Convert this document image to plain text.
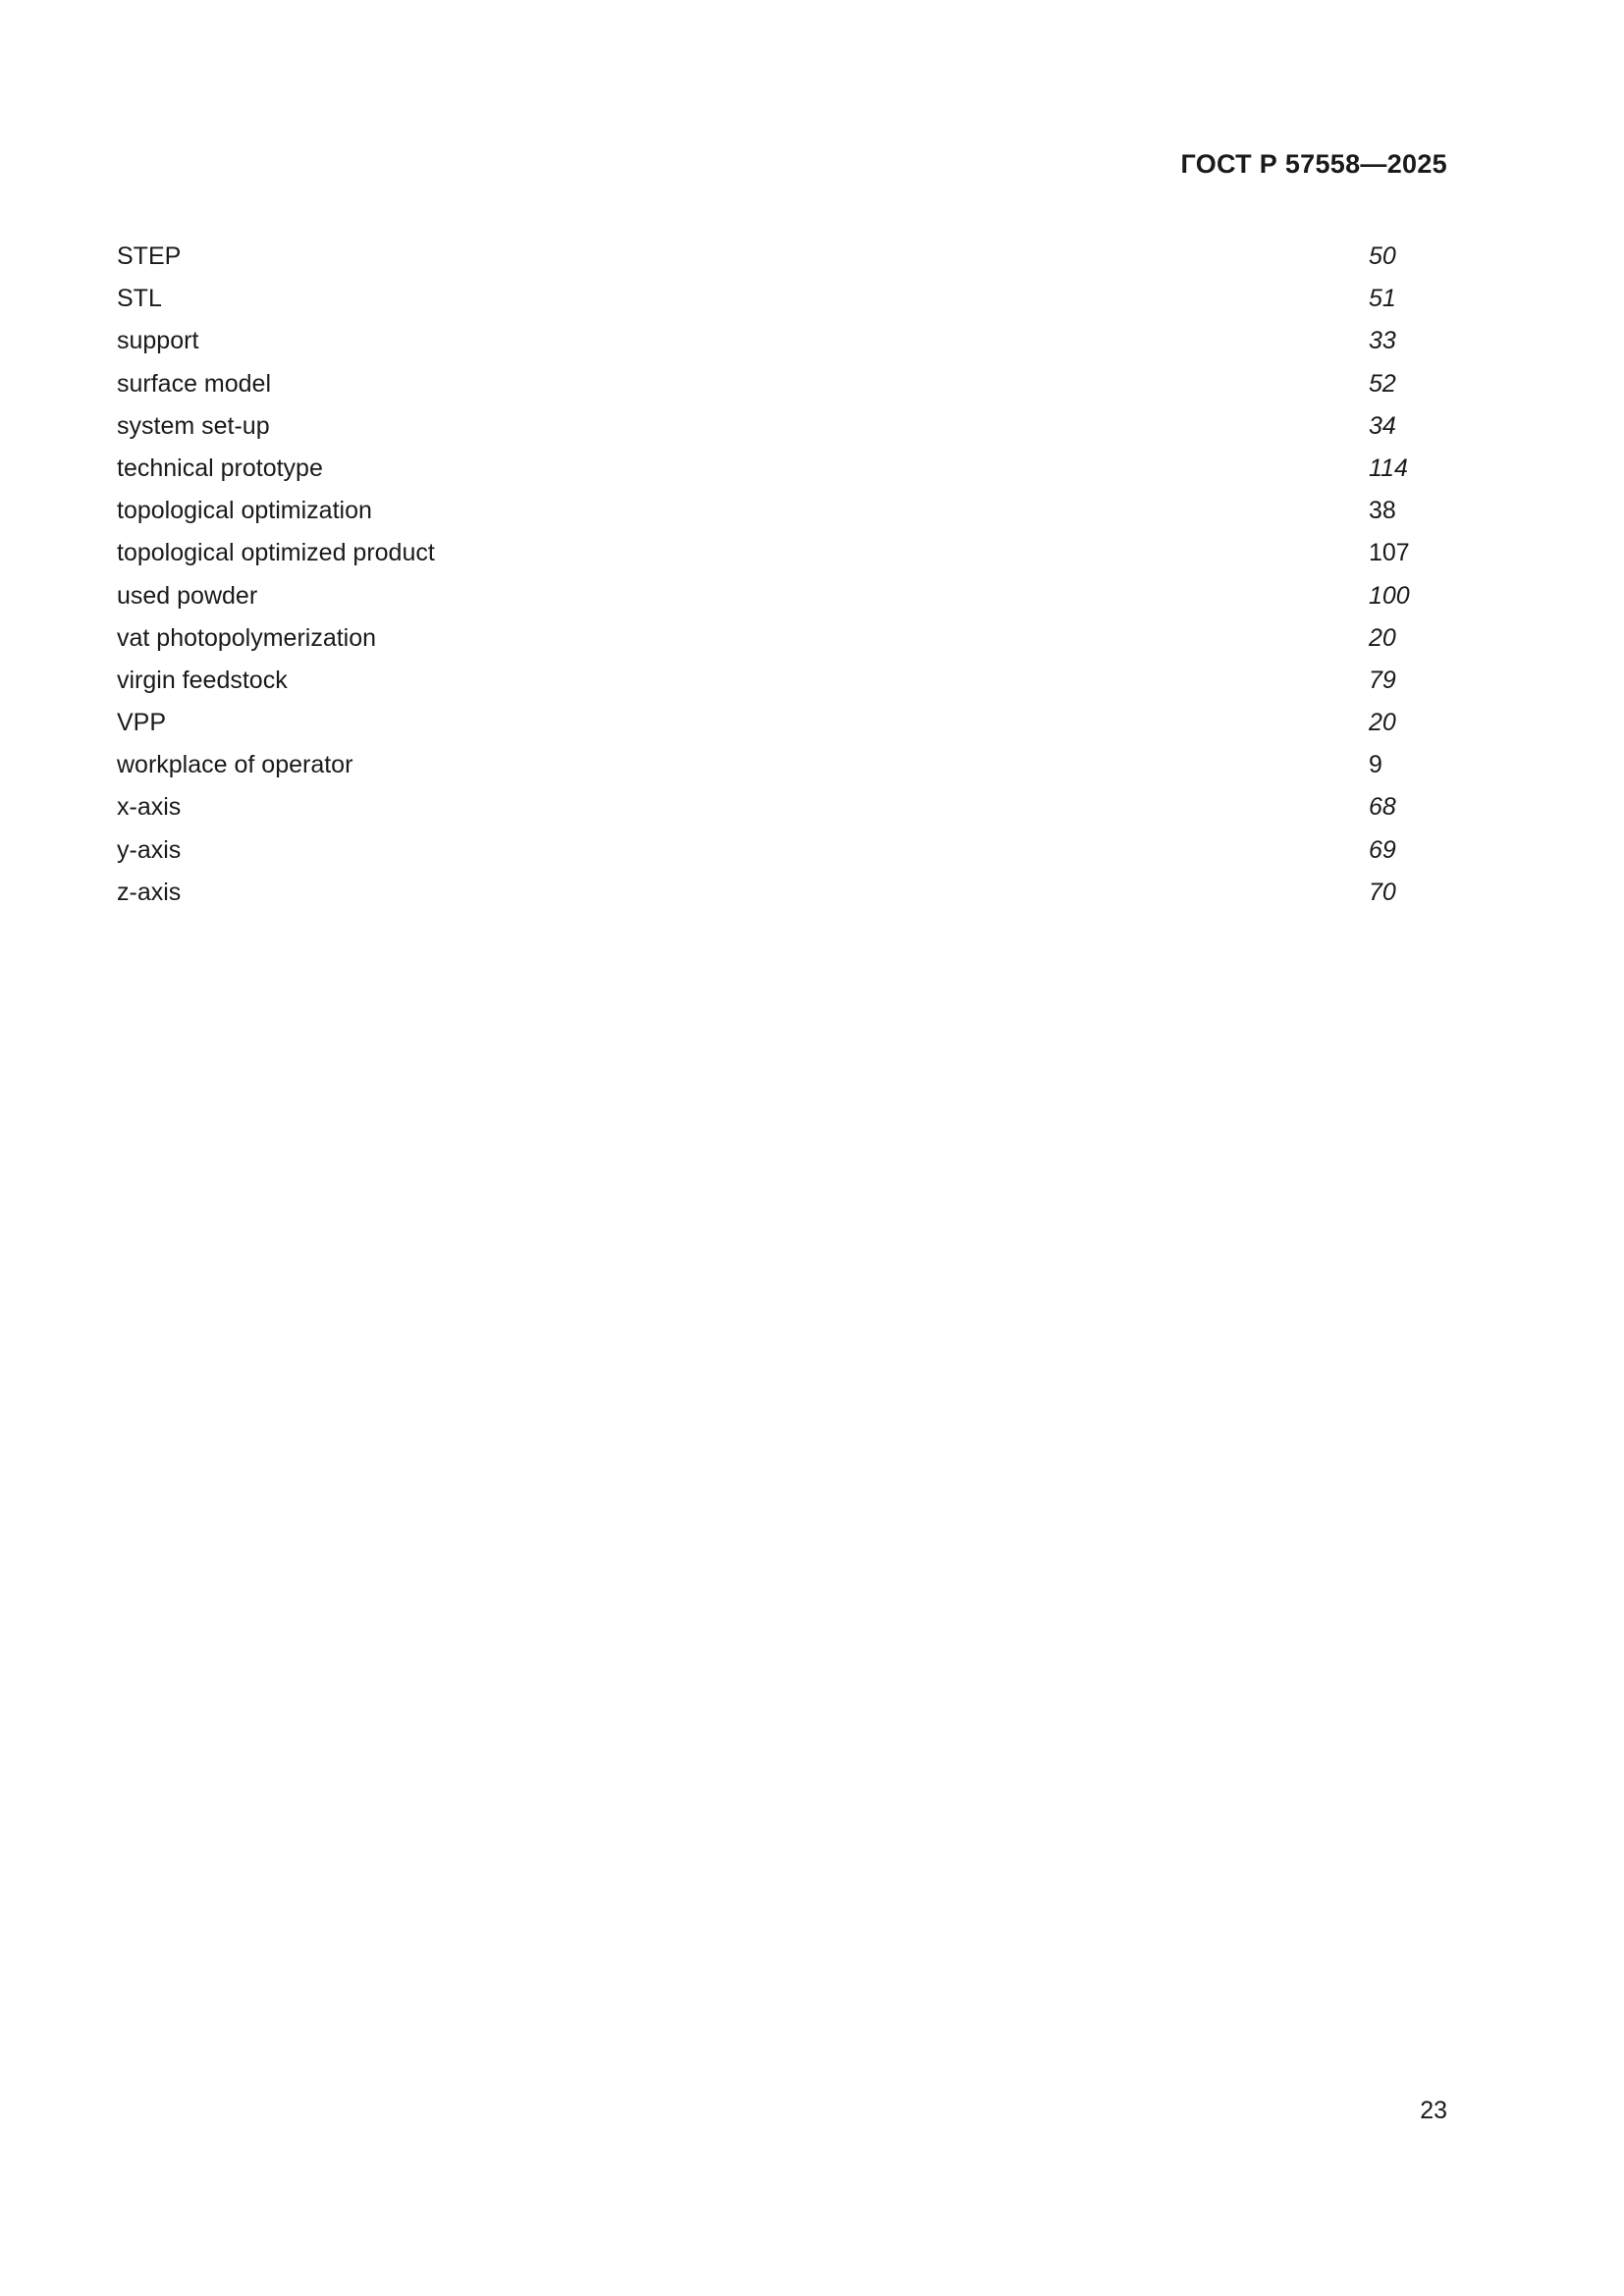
ГОСТ Р 57558—2025
STEP	50
STL	51
support	33
surface model	52
system set-up	34
technical prototype	114
topological optimization	38
topological optimized product	107
used powder	100
vat photopolymerization	20
virgin feedstock	79
VPP	20
workplace of operator	9
x-axis	68
y-axis	69
z-axis	70
23
